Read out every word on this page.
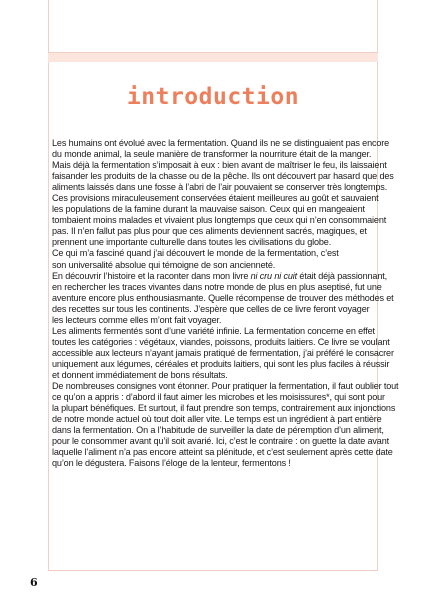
introduction
Les humains ont évolué avec la fermentation. Quand ils ne se distinguaient pas encore
du monde animal, la seule manière de transformer la nourriture était de la manger.
Mais déjà la fermentation s’imposait à eux : bien avant de maîtriser le feu, ils laissaient
faisander les produits de la chasse ou de la pêche. Ils ont découvert par hasard que des
aliments laissés dans une fosse à l’abri de l’air pouvaient se conserver très longtemps.
Ces provisions miraculeusement conservées étaient meilleures au goût et sauvaient
les populations de la famine durant la mauvaise saison. Ceux qui en mangeaient
tombaient moins malades et vivaient plus longtemps que ceux qui n’en consommaient
pas. Il n’en fallut pas plus pour que ces aliments deviennent sacrés, magiques, et
prennent une importante culturelle dans toutes les civilisations du globe.
Ce qui m’a fasciné quand j’ai découvert le monde de la fermentation, c’est
son universalité absolue qui témoigne de son ancienneté.
En découvrir l’histoire et la raconter dans mon livre ni cru ni cuit était déjà passionnant,
en rechercher les traces vivantes dans notre monde de plus en plus aseptisé, fut une
aventure encore plus enthousiasmante. Quelle récompense de trouver des méthodes et
des recettes sur tous les continents. J’espère que celles de ce livre feront voyager
les lecteurs comme elles m’ont fait voyager.
Les aliments fermentés sont d’une variété infinie. La fermentation concerne en effet
toutes les catégories : végétaux, viandes, poissons, produits laitiers. Ce livre se voulant
accessible aux lecteurs n’ayant jamais pratiqué de fermentation, j’ai préféré le consacrer
uniquement aux légumes, céréales et produits laitiers, qui sont les plus faciles à réussir
et donnent immédiatement de bons résultats.
De nombreuses consignes vont étonner. Pour pratiquer la fermentation, il faut oublier tout
ce qu’on a appris : d’abord il faut aimer les microbes et les moisissures*, qui sont pour
la plupart bénéfiques. Et surtout, il faut prendre son temps, contrairement aux injonctions
de notre monde actuel où tout doit aller vite. Le temps est un ingrédient à part entière
dans la fermentation. On a l’habitude de surveiller la date de péremption d’un aliment,
pour le consommer avant qu’il soit avarié. Ici, c’est le contraire : on guette la date avant
laquelle l’aliment n’a pas encore atteint sa plénitude, et c’est seulement après cette date
qu’on le dégustera. Faisons l’éloge de la lenteur, fermentons !
6
